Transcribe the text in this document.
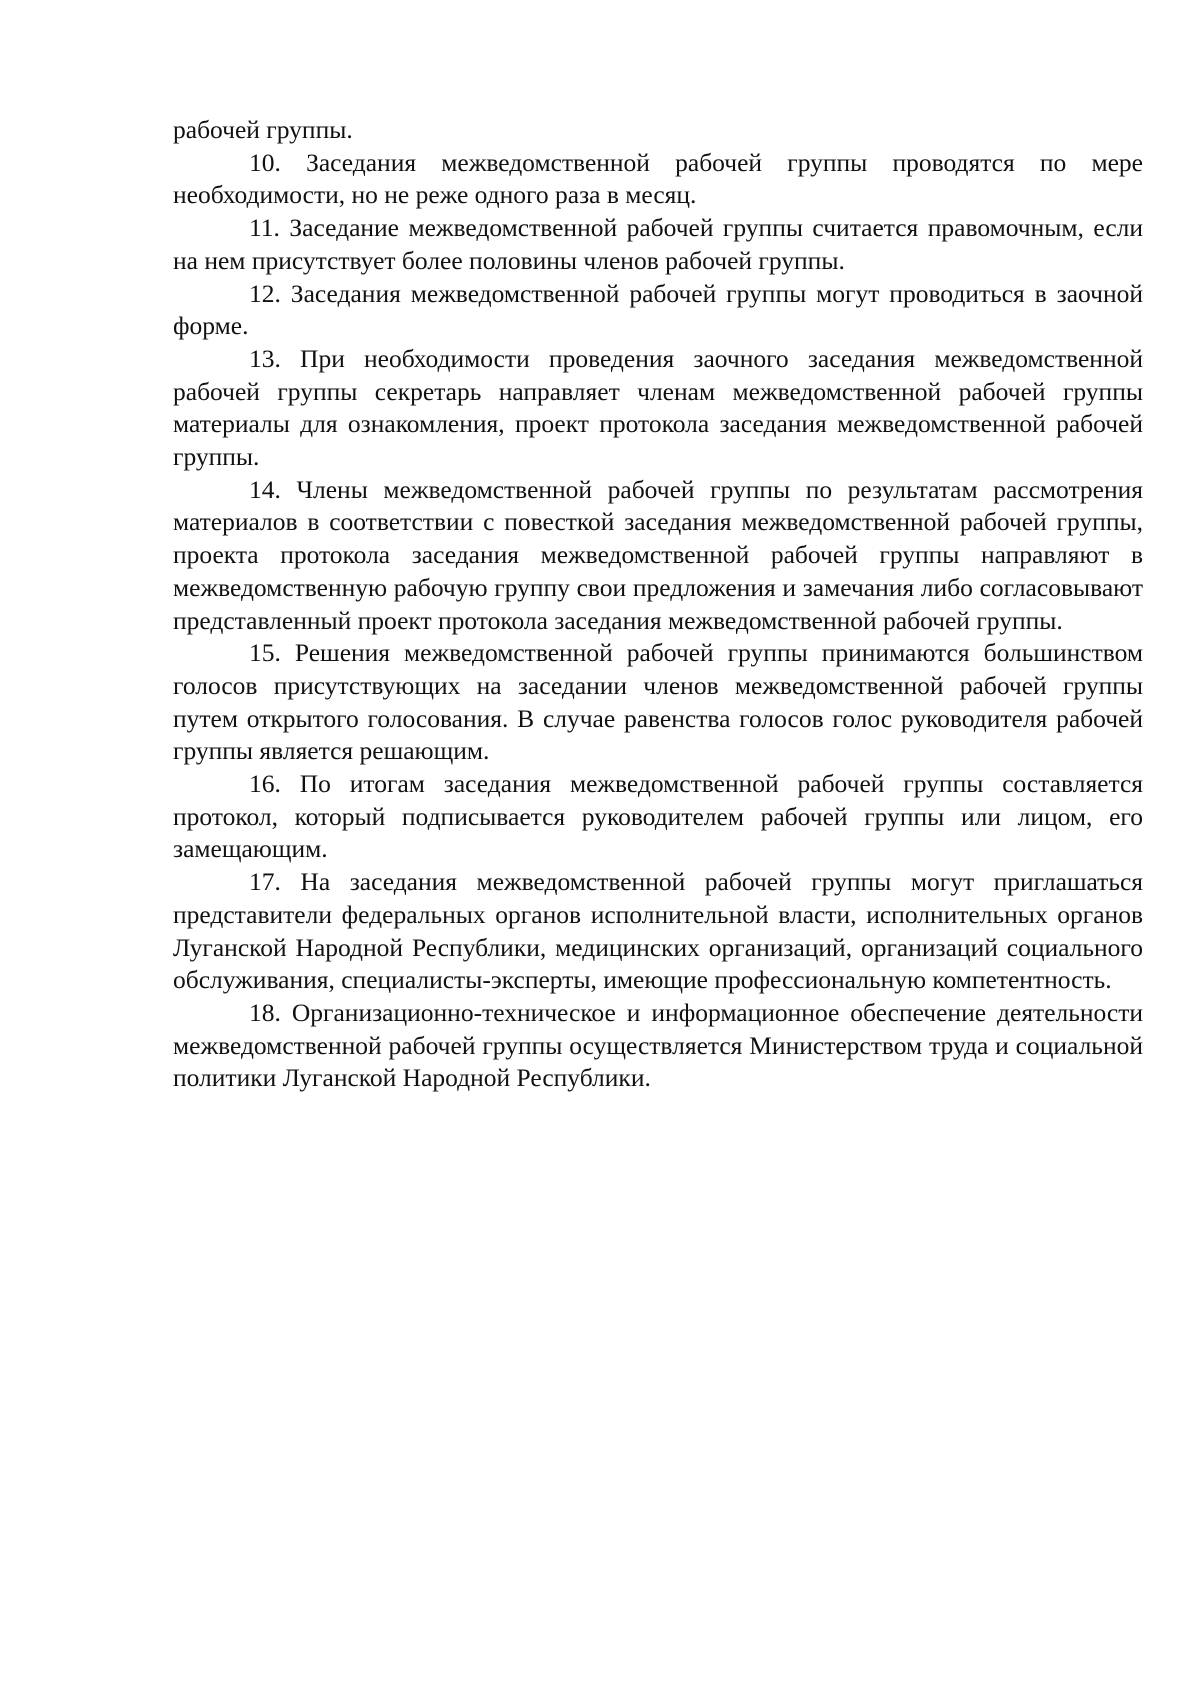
рабочей группы.

10. Заседания межведомственной рабочей группы проводятся по мере необходимости, но не реже одного раза в месяц.

11. Заседание межведомственной рабочей группы считается правомочным, если на нем присутствует более половины членов рабочей группы.

12. Заседания межведомственной рабочей группы могут проводиться в заочной форме.

13. При необходимости проведения заочного заседания межведомственной рабочей группы секретарь направляет членам межведомственной рабочей группы материалы для ознакомления, проект протокола заседания межведомственной рабочей группы.

14. Члены межведомственной рабочей группы по результатам рассмотрения материалов в соответствии с повесткой заседания межведомственной рабочей группы, проекта протокола заседания межведомственной рабочей группы направляют в межведомственную рабочую группу свои предложения и замечания либо согласовывают представленный проект протокола заседания межведомственной рабочей группы.

15. Решения межведомственной рабочей группы принимаются большинством голосов присутствующих на заседании членов межведомственной рабочей группы путем открытого голосования. В случае равенства голосов голос руководителя рабочей группы является решающим.

16. По итогам заседания межведомственной рабочей группы составляется протокол, который подписывается руководителем рабочей группы или лицом, его замещающим.

17. На заседания межведомственной рабочей группы могут приглашаться представители федеральных органов исполнительной власти, исполнительных органов Луганской Народной Республики, медицинских организаций, организаций социального обслуживания, специалисты-эксперты, имеющие профессиональную компетентность.

18. Организационно-техническое и информационное обеспечение деятельности межведомственной рабочей группы осуществляется Министерством труда и социальной политики Луганской Народной Республики.
